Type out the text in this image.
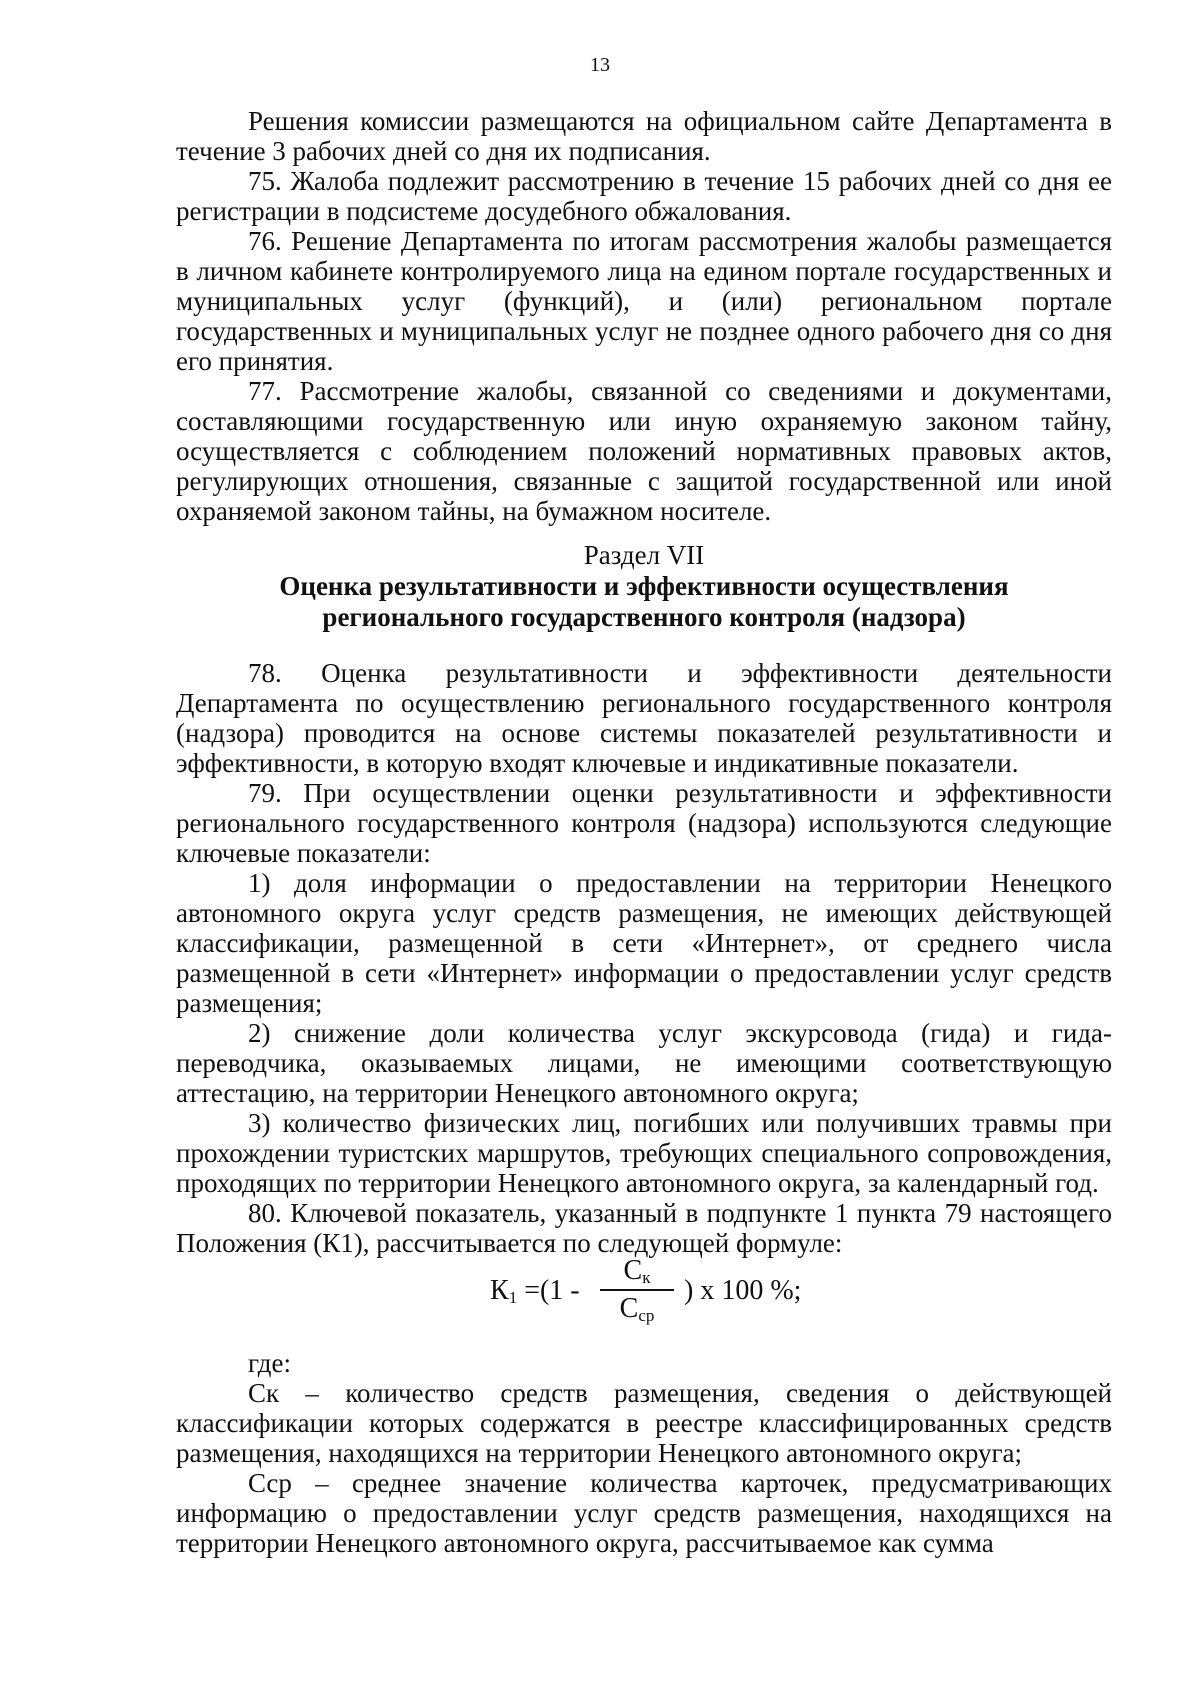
13

Решения комиссии размещаются на официальном сайте Департамента в течение 3 рабочих дней со дня их подписания.

75. Жалоба подлежит рассмотрению в течение 15 рабочих дней со дня ее регистрации в подсистеме досудебного обжалования.

76. Решение Департамента по итогам рассмотрения жалобы размещается в личном кабинете контролируемого лица на едином портале государственных и муниципальных услуг (функций), и (или) региональном портале государственных и муниципальных услуг не позднее одного рабочего дня со дня его принятия.

77. Рассмотрение жалобы, связанной со сведениями и документами, составляющими государственную или иную охраняемую законом тайну, осуществляется с соблюдением положений нормативных правовых актов, регулирующих отношения, связанные с защитой государственной или иной охраняемой законом тайны, на бумажном носителе.

Раздел VII
Оценка результативности и эффективности осуществления
регионального государственного контроля (надзора)

78. Оценка результативности и эффективности деятельности Департамента по осуществлению регионального государственного контроля (надзора) проводится на основе системы показателей результативности и эффективности, в которую входят ключевые и индикативные показатели.

79. При осуществлении оценки результативности и эффективности регионального государственного контроля (надзора) используются следующие ключевые показатели:

1) доля информации о предоставлении на территории Ненецкого автономного округа услуг средств размещения, не имеющих действующей классификации, размещенной в сети «Интернет», от среднего числа размещенной в сети «Интернет» информации о предоставлении услуг средств размещения;

2) снижение доли количества услуг экскурсовода (гида) и гида-переводчика, оказываемых лицами, не имеющими соответствующую аттестацию, на территории Ненецкого автономного округа;

3) количество физических лиц, погибших или получивших травмы при прохождении туристских маршрутов, требующих специального сопровождения, проходящих по территории Ненецкого автономного округа, за календарный год.

80. Ключевой показатель, указанный в подпункте 1 пункта 79 настоящего Положения (К1), рассчитывается по следующей формуле:

$К_1 =(1$ -
$С_к$
$С_{ср}$
) х 100 %;

где:

Ск – количество средств размещения, сведения о действующей классификации которых содержатся в реестре классифицированных средств размещения, находящихся на территории Ненецкого автономного округа;

Сср – среднее значение количества карточек, предусматривающих информацию о предоставлении услуг средств размещения, находящихся на территории Ненецкого автономного округа, рассчитываемое как сумма
